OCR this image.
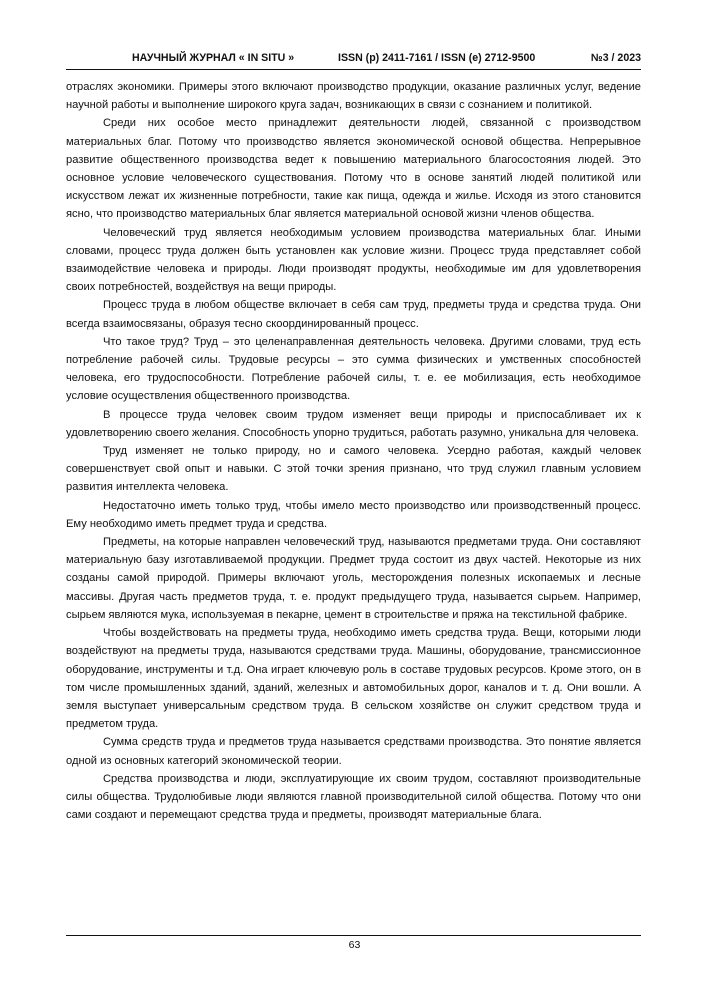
НАУЧНЫЙ ЖУРНАЛ « IN SITU »	ISSN (p) 2411-7161 / ISSN (e) 2712-9500	№3 / 2023

отраслях экономики. Примеры этого включают производство продукции, оказание различных услуг, ведение научной работы и выполнение широкого круга задач, возникающих в связи с сознанием и политикой.

Среди них особое место принадлежит деятельности людей, связанной с производством материальных благ. Потому что производство является экономической основой общества. Непрерывное развитие общественного производства ведет к повышению материального благосостояния людей. Это основное условие человеческого существования. Потому что в основе занятий людей политикой или искусством лежат их жизненные потребности, такие как пища, одежда и жилье. Исходя из этого становится ясно, что производство материальных благ является материальной основой жизни членов общества.

Человеческий труд является необходимым условием производства материальных благ. Иными словами, процесс труда должен быть установлен как условие жизни. Процесс труда представляет собой взаимодействие человека и природы. Люди производят продукты, необходимые им для удовлетворения своих потребностей, воздействуя на вещи природы.

Процесс труда в любом обществе включает в себя сам труд, предметы труда и средства труда. Они всегда взаимосвязаны, образуя тесно скоординированный процесс.

Что такое труд? Труд – это целенаправленная деятельность человека. Другими словами, труд есть потребление рабочей силы. Трудовые ресурсы – это сумма физических и умственных способностей человека, его трудоспособности. Потребление рабочей силы, т. е. ее мобилизация, есть необходимое условие осуществления общественного производства.

В процессе труда человек своим трудом изменяет вещи природы и приспосабливает их к удовлетворению своего желания. Способность упорно трудиться, работать разумно, уникальна для человека.

Труд изменяет не только природу, но и самого человека. Усердно работая, каждый человек совершенствует свой опыт и навыки. С этой точки зрения признано, что труд служил главным условием развития интеллекта человека.

Недостаточно иметь только труд, чтобы имело место производство или производственный процесс. Ему необходимо иметь предмет труда и средства.

Предметы, на которые направлен человеческий труд, называются предметами труда. Они составляют материальную базу изготавливаемой продукции. Предмет труда состоит из двух частей. Некоторые из них созданы самой природой. Примеры включают уголь, месторождения полезных ископаемых и лесные массивы. Другая часть предметов труда, т. е. продукт предыдущего труда, называется сырьем. Например, сырьем являются мука, используемая в пекарне, цемент в строительстве и пряжа на текстильной фабрике.

Чтобы воздействовать на предметы труда, необходимо иметь средства труда. Вещи, которыми люди воздействуют на предметы труда, называются средствами труда. Машины, оборудование, трансмиссионное оборудование, инструменты и т.д. Она играет ключевую роль в составе трудовых ресурсов. Кроме этого, он в том числе промышленных зданий, зданий, железных и автомобильных дорог, каналов и т. д. Они вошли. А земля выступает универсальным средством труда. В сельском хозяйстве он служит средством труда и предметом труда.

Сумма средств труда и предметов труда называется средствами производства. Это понятие является одной из основных категорий экономической теории.

Средства производства и люди, эксплуатирующие их своим трудом, составляют производительные силы общества. Трудолюбивые люди являются главной производительной силой общества. Потому что они сами создают и перемещают средства труда и предметы, производят материальные блага.

63
